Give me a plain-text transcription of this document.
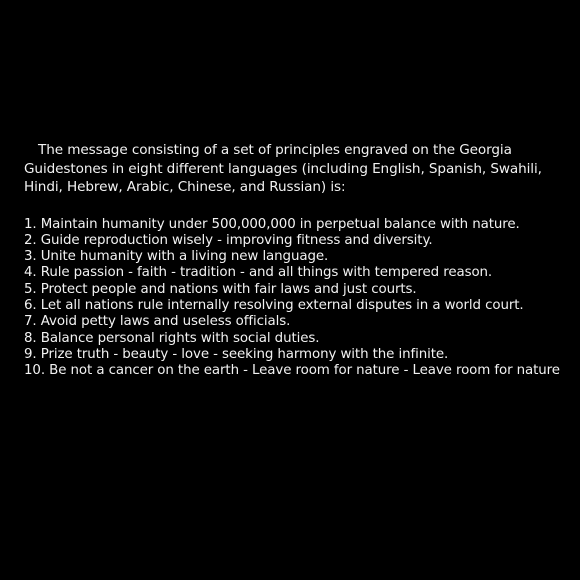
The message consisting of a set of principles engraved on the Georgia Guidestones in eight different languages (including English, Spanish, Swahili, Hindi, Hebrew, Arabic, Chinese, and Russian) is:

1. Maintain humanity under 500,000,000 in perpetual balance with nature.
2. Guide reproduction wisely - improving fitness and diversity.
3. Unite humanity with a living new language.
4. Rule passion - faith - tradition - and all things with tempered reason.
5. Protect people and nations with fair laws and just courts.
6. Let all nations rule internally resolving external disputes in a world court.
7. Avoid petty laws and useless officials.
8. Balance personal rights with social duties.
9. Prize truth - beauty - love - seeking harmony with the infinite.
10. Be not a cancer on the earth - Leave room for nature - Leave room for nature
